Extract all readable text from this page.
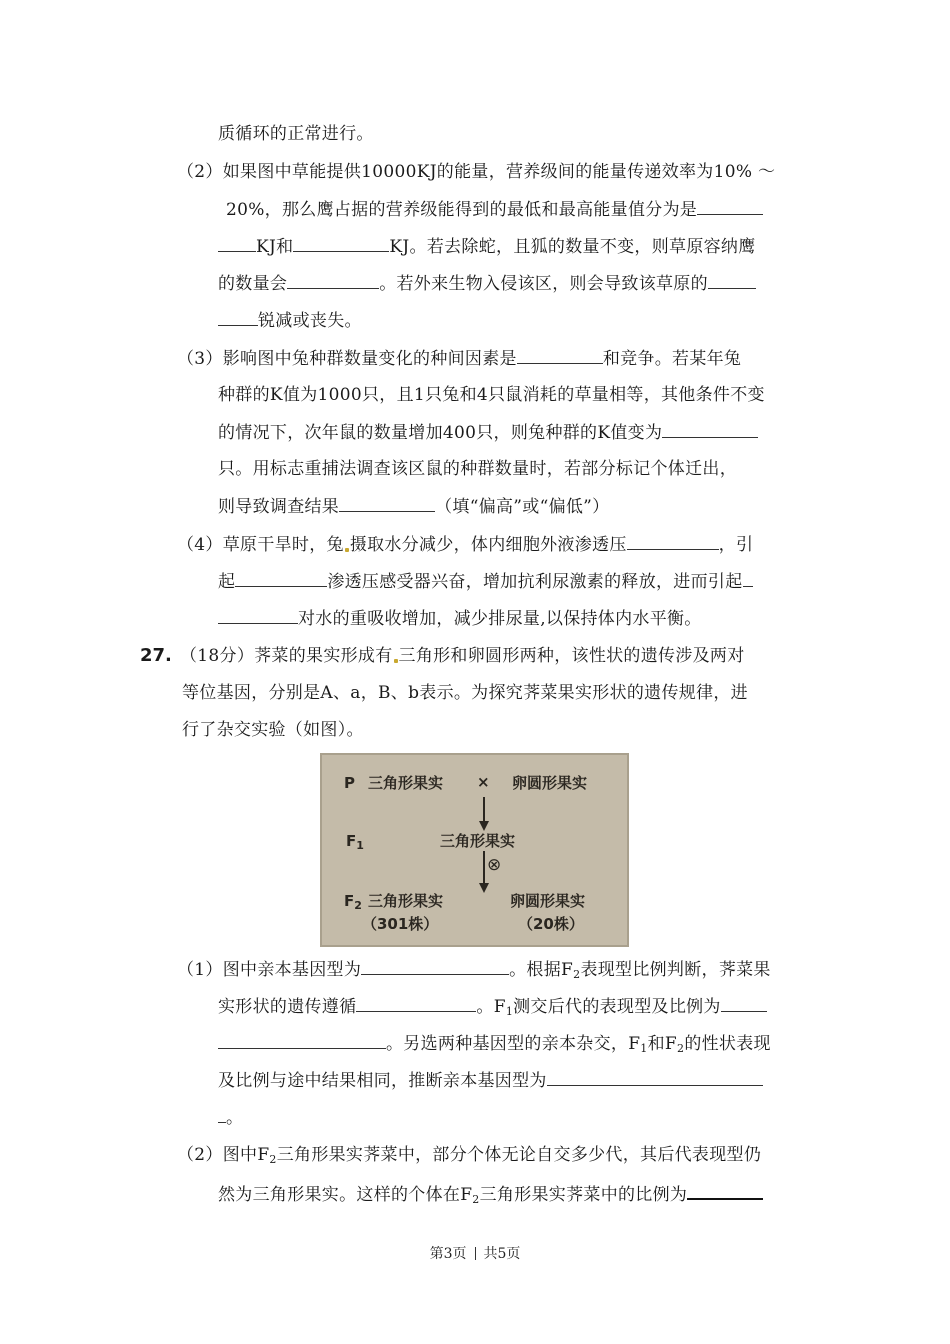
质循环的正常进行。
（2）如果图中草能提供10000KJ的能量，营养级间的能量传递效率为10% ～
20%，那么鹰占据的营养级能得到的最低和最高能量值分为是
KJ和	KJ。若去除蛇，且狐的数量不变，则草原容纳鹰
的数量会	。若外来生物入侵该区，则会导致该草原的
锐减或丧失。
（3）影响图中兔种群数量变化的种间因素是	和竞争。若某年兔
种群的K值为1000只，且1只兔和4只鼠消耗的草量相等，其他条件不变
的情况下，次年鼠的数量增加400只，则兔种群的K值变为
只。用标志重捕法调查该区鼠的种群数量时，若部分标记个体迁出，
则导致调查结果	（填“偏高”或“偏低”）
（4）草原干旱时，兔 摄取水分减少，体内细胞外液渗透压	，引
起	渗透压感受器兴奋，增加抗利尿激素的释放，进而引起
对水的重吸收增加，减少排尿量,以保持体内水平衡。
27. （18分）荠菜的果实形成有 三角形和卵圆形两种，该性状的遗传涉及两对
等位基因，分别是A、a，B、b表示。为探究荠菜果实形状的遗传规律，进
行了杂交实验（如图）。
P 三角形果实 × 卵圆形果实
$F_1$	三角形果实
⊗
$F_2$ 三角形果实
（301株）
卵圆形果实
（20株）
（1）图中亲本基因型为	。根据$F_2$表现型比例判断，荠菜果
实形状的遗传遵循	。$F_1$测交后代的表现型及比例为
。另选两种基因型的亲本杂交，$F_1$和$F_2$的性状表现
及比例与途中结果相同，推断亲本基因型为
。
（2）图中$F_2$三角形果实荠菜中，部分个体无论自交多少代，其后代表现型仍
然为三角形果实。这样的个体在$F_2$三角形果实荠菜中的比例为
第3页 共5页
